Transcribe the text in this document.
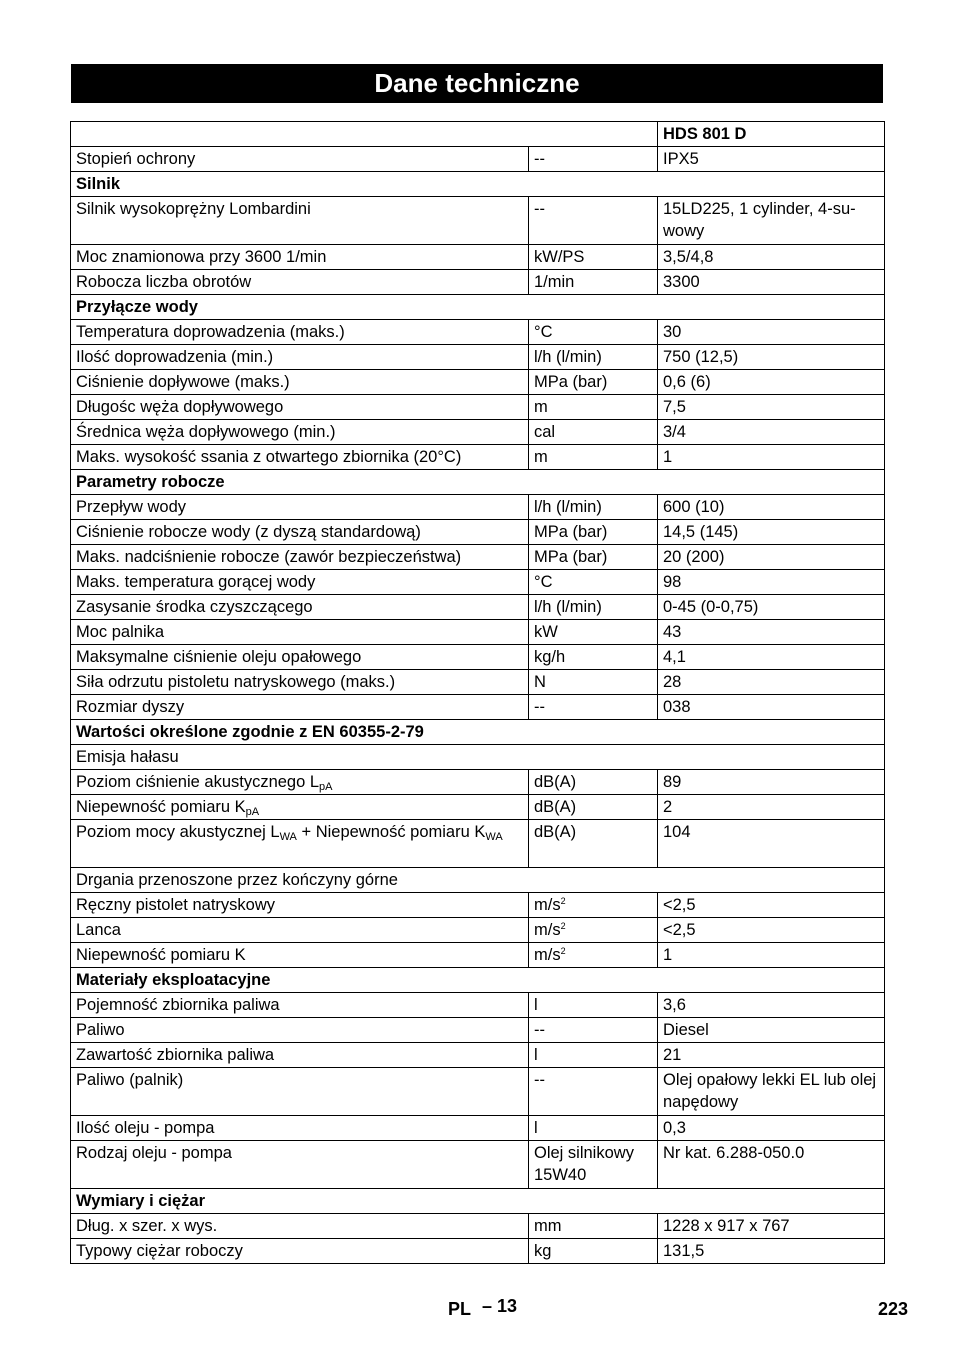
Dane techniczne
		HDS 801 D
Stopień ochrony	--	IPX5
Silnik		
Silnik wysokoprężny Lombardini	--	15LD225, 1 cylinder, 4-su-wowy
Moc znamionowa przy 3600 1/min	kW/PS	3,5/4,8
Robocza liczba obrotów	1/min	3300
Przyłącze wody		
Temperatura doprowadzenia (maks.)	°C	30
Ilość doprowadzenia (min.)	l/h (l/min)	750 (12,5)
Ciśnienie dopływowe (maks.)	MPa (bar)	0,6 (6)
Długośc węża dopływowego	m	7,5
Średnica węża dopływowego (min.)	cal	3/4
Maks. wysokość ssania z otwartego zbiornika (20°C)	m	1
Parametry robocze		
Przepływ wody	l/h (l/min)	600 (10)
Ciśnienie robocze wody (z dyszą standardową)	MPa (bar)	14,5 (145)
Maks. nadciśnienie robocze (zawór bezpieczeństwa)	MPa (bar)	20 (200)
Maks. temperatura gorącej wody	°C	98
Zasysanie środka czyszczącego	l/h (l/min)	0-45 (0-0,75)
Moc palnika	kW	43
Maksymalne ciśnienie oleju opałowego	kg/h	4,1
Siła odrzutu pistoletu natryskowego (maks.)	N	28
Rozmiar dyszy	--	038
Wartości określone zgodnie z EN 60355-2-79		
Emisja hałasu		
Poziom ciśnienie akustycznego $L_{pA}$	dB(A)	89
Niepewność pomiaru $K_{pA}$	dB(A)	2
Poziom mocy akustycznej $L_{WA}$ + Niepewność pomiaru $K_{WA}$	dB(A)	104
Drgania przenoszone przez kończyny górne		
Ręczny pistolet natryskowy	$m/s^2$	<2,5
Lanca	$m/s^2$	<2,5
Niepewność pomiaru K	$m/s^2$	1
Materiały eksploatacyjne		
Pojemność zbiornika paliwa	l	3,6
Paliwo	--	Diesel
Zawartość zbiornika paliwa	l	21
Paliwo (palnik)	--	Olej opałowy lekki EL lub olej napędowy
Ilość oleju - pompa	l	0,3
Rodzaj oleju - pompa	Olej silnikowy 15W40	Nr kat. 6.288-050.0
Wymiary i ciężar		
Dług. x szer. x wys.	mm	1228 x 917 x 767
Typowy ciężar roboczy	kg	131,5
PL – 13	223
